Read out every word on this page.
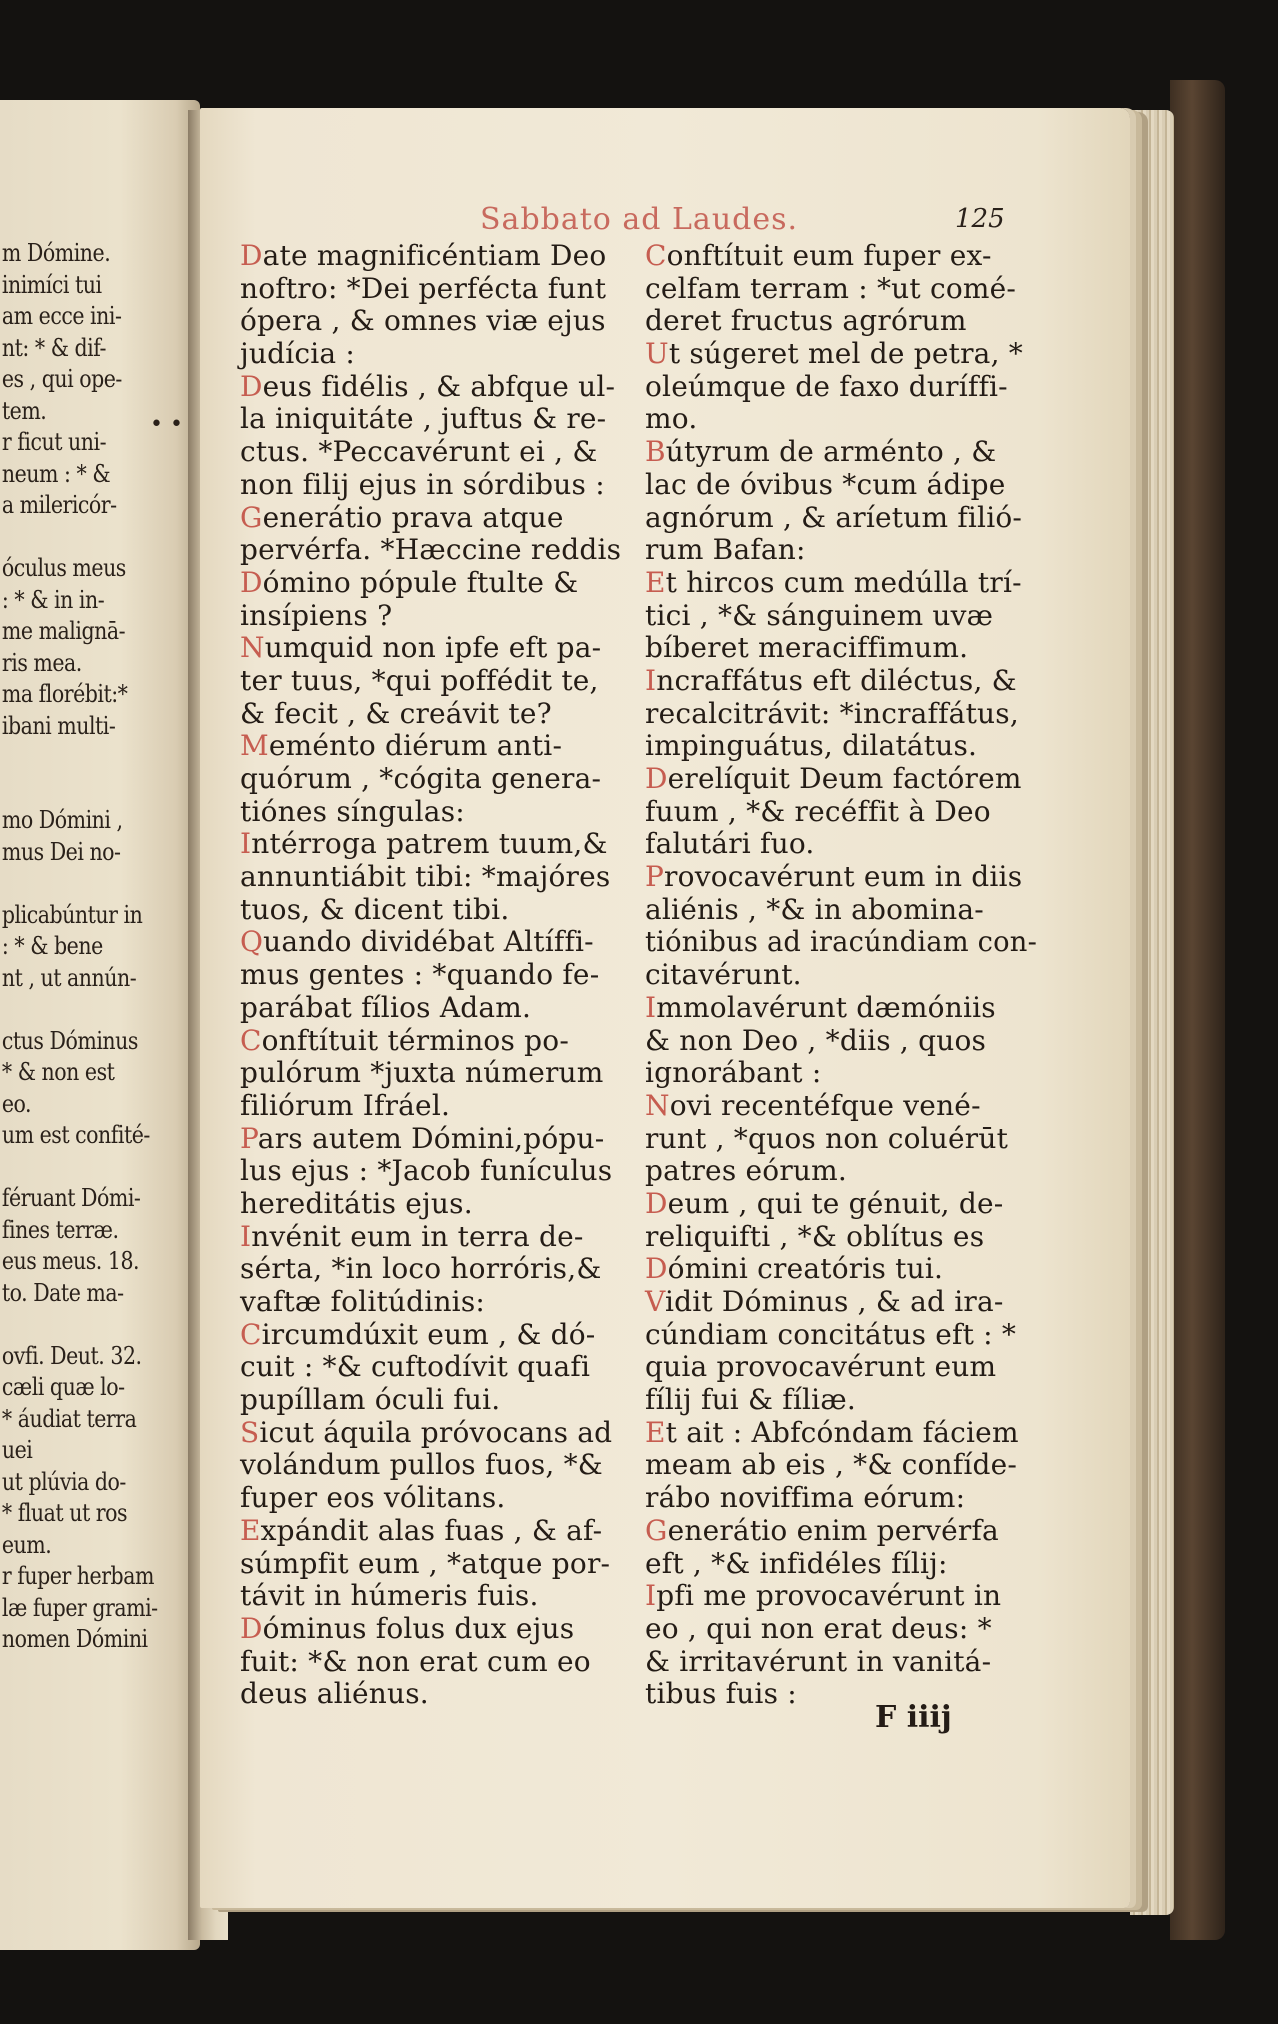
m Dómine.
inimíci tui
am ecce ini-
nt: * & dif-
es , qui ope-
tem.
r ficut uni-
neum : * &
a milericór-
óculus meus
: * & in in-
me malignā-
ris mea.
ma florébit:*
ibani multi-
mo Dómini ,
mus Dei no-
plicabúntur in
: * & bene
nt , ut annún-
ctus Dóminus
* & non est
eo.
um est confité-
féruant Dómi-
fines terræ.
eus meus. 18.
to. Date ma-
ovfi. Deut. 32.
cæli quæ lo-
* áudiat terra
uei
ut plúvia do-
* fluat ut ros
eum.
r fuper herbam
læ fuper grami-
nomen Dómini
• •
Sabbato ad Laudes.	125
Date magnificéntiam Deo
noftro: *Dei perfécta funt
ópera , & omnes viæ ejus
judícia :
Deus fidélis , & abfque ul-
la iniquitáte , juftus & re-
ctus. *Peccavérunt ei , &
non filij ejus in sórdibus :
Generátio prava atque
pervérfa. *Hæccine reddis
Dómino pópule ftulte &
insípiens ?
Numquid non ipfe eft pa-
ter tuus, *qui poffédit te,
& fecit , & creávit te?
Meménto diérum anti-
quórum , *cógita genera-
tiónes síngulas:
Intérroga patrem tuum,&
annuntiábit tibi: *majóres
tuos, & dicent tibi.
Quando dividébat Altíffi-
mus gentes : *quando fe-
parábat fílios Adam.
Conftítuit términos po-
pulórum *juxta númerum
filiórum Ifráel.
Pars autem Dómini,pópu-
lus ejus : *Jacob funículus
hereditátis ejus.
Invénit eum in terra de-
sérta, *in loco horróris,&
vaftæ folitúdinis:
Circumdúxit eum , & dó-
cuit : *& cuftodívit quafi
pupíllam óculi fui.
Sicut áquila próvocans ad
volándum pullos fuos, *&
fuper eos vólitans.
Expándit alas fuas , & af-
súmpfit eum , *atque por-
távit in húmeris fuis.
Dóminus folus dux ejus
fuit: *& non erat cum eo
deus aliénus.
Conftítuit eum fuper ex-
celfam terram : *ut comé-
deret fructus agrórum
Ut súgeret mel de petra, *
oleúmque de faxo duríffi-
mo.
Bútyrum de arménto , &
lac de óvibus *cum ádipe
agnórum , & aríetum filió-
rum Bafan:
Et hircos cum medúlla trí-
tici , *& sánguinem uvæ
bíberet meraciffimum.
Incraffátus eft diléctus, &
recalcitrávit: *incraffátus,
impinguátus, dilatátus.
Derelíquit Deum factórem
fuum , *& recéffit à Deo
falutári fuo.
Provocavérunt eum in diis
aliénis , *& in abomina-
tiónibus ad iracúndiam con-
citavérunt.
Immolavérunt dæmóniis
& non Deo , *diis , quos
ignorábant :
Novi recentéfque vené-
runt , *quos non coluérūt
patres eórum.
Deum , qui te génuit, de-
reliquifti , *& oblítus es
Dómini creatóris tui.
Vidit Dóminus , & ad ira-
cúndiam concitátus eft : *
quia provocavérunt eum
fílij fui & fíliæ.
Et ait : Abfcóndam fáciem
meam ab eis , *& confíde-
rábo noviffima eórum:
Generátio enim pervérfa
eft , *& infidéles fílij:
Ipfi me provocavérunt in
eo , qui non erat deus: *
& irritavérunt in vanitá-
tibus fuis :
F iiij
